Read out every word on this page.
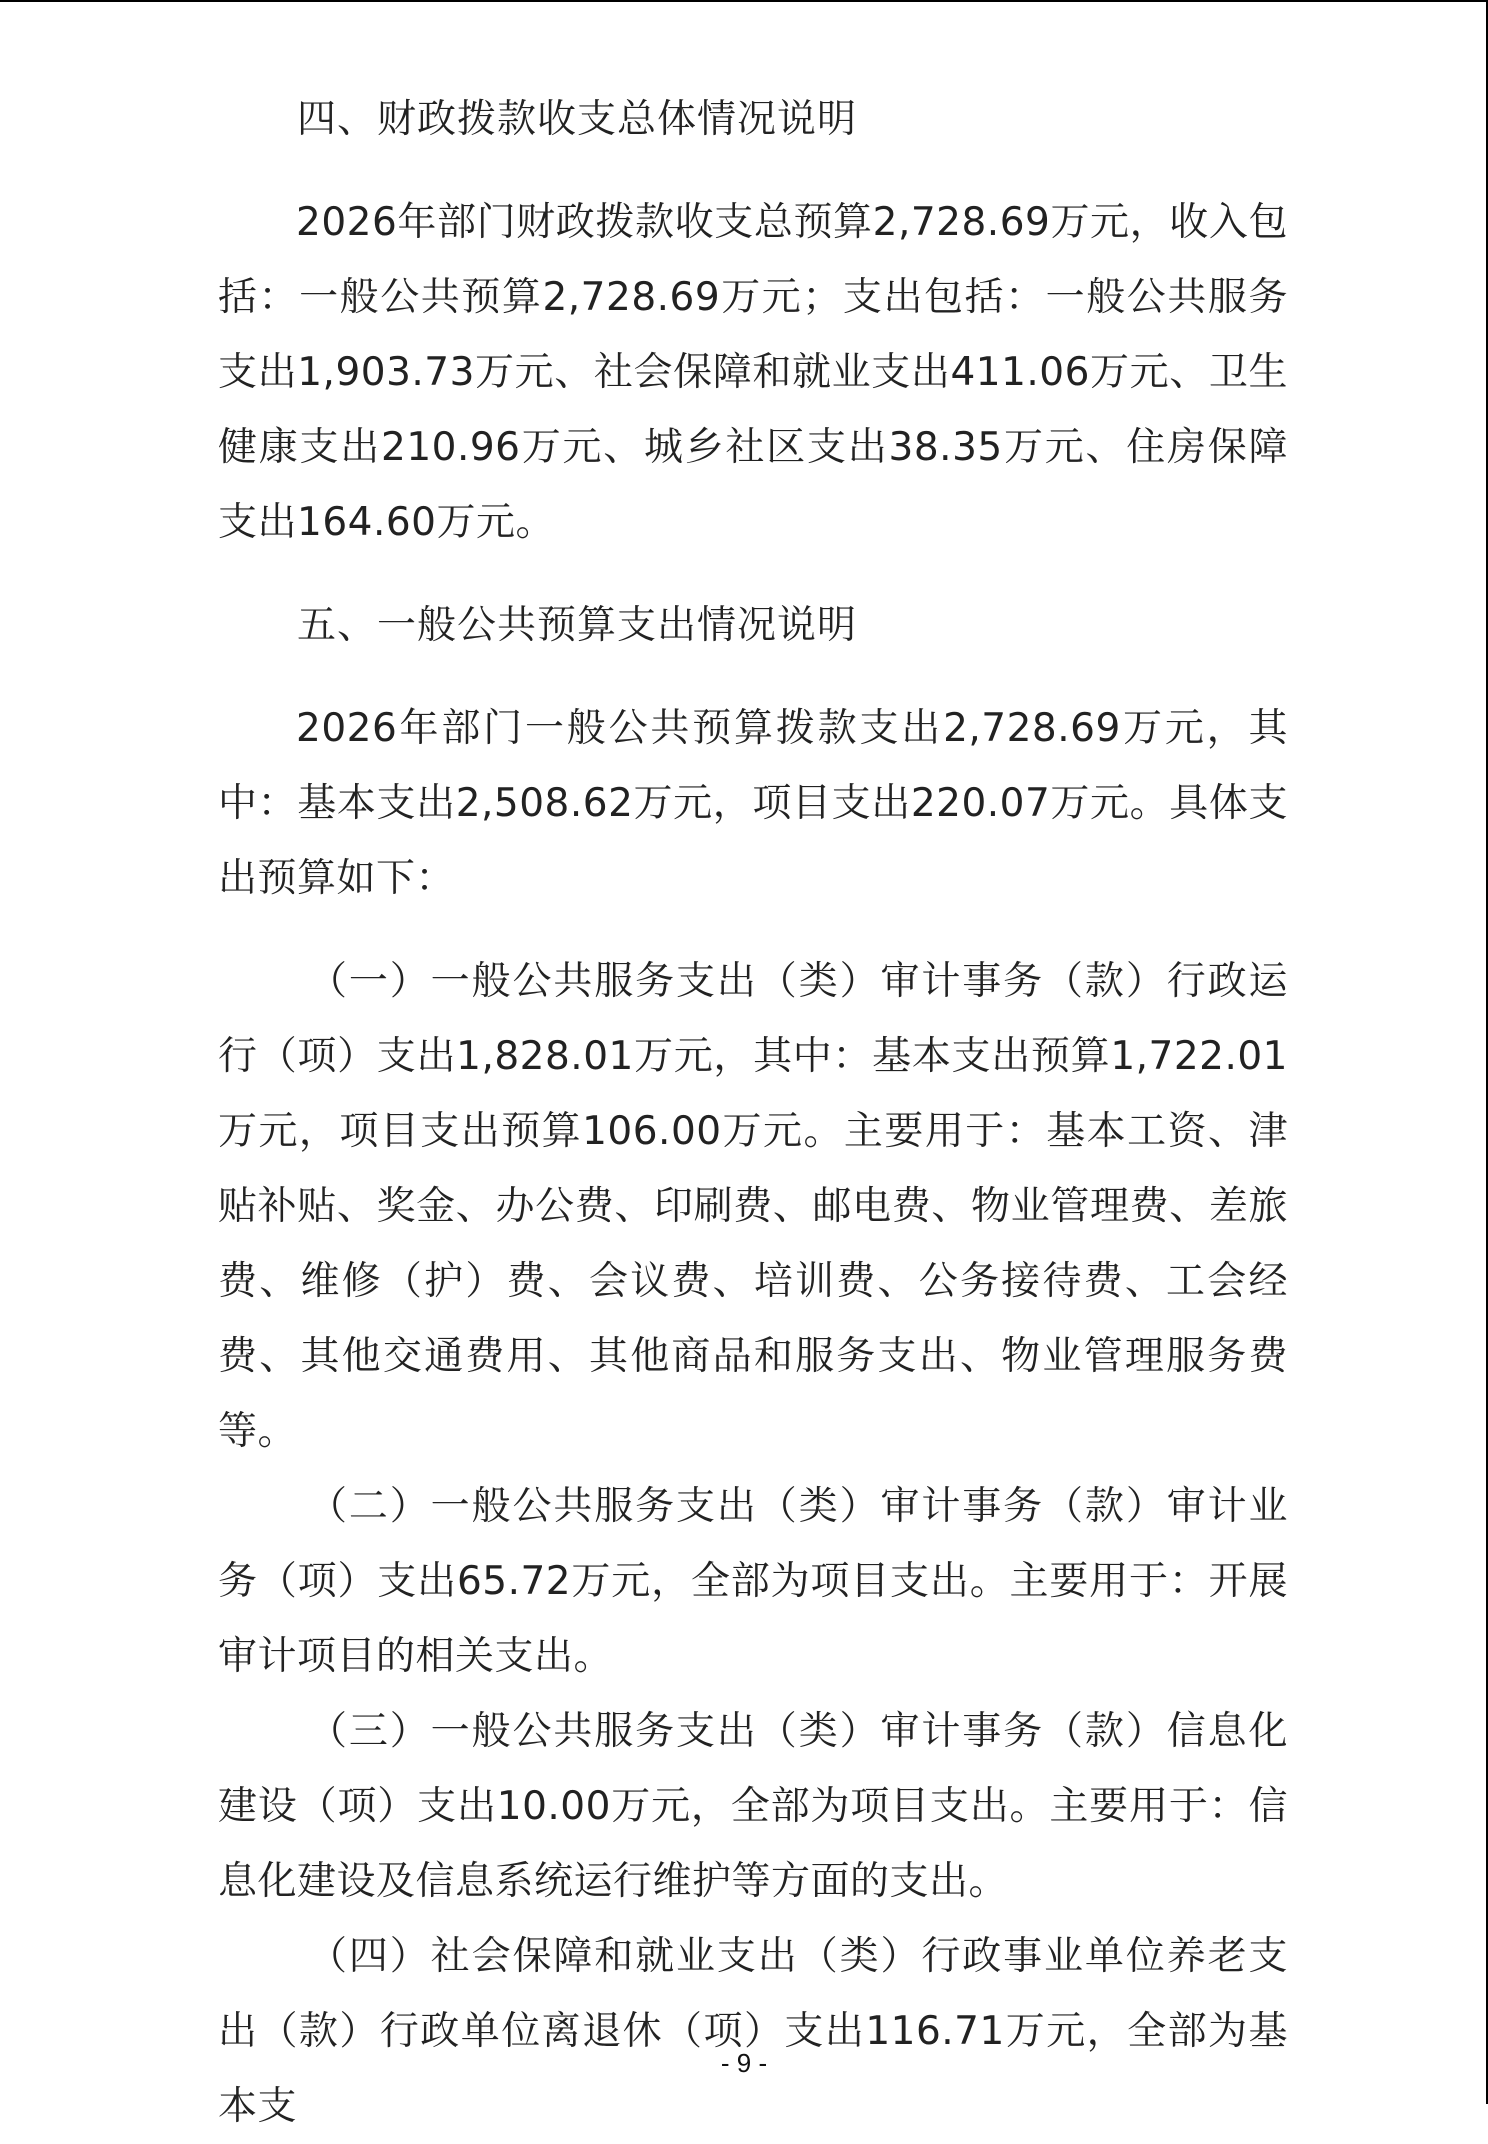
四、财政拨款收支总体情况说明

2026年部门财政拨款收支总预算2,728.69万元，收入包括：一般公共预算2,728.69万元；支出包括：一般公共服务支出1,903.73万元、社会保障和就业支出411.06万元、卫生健康支出210.96万元、城乡社区支出38.35万元、住房保障支出164.60万元。

五、一般公共预算支出情况说明

2026年部门一般公共预算拨款支出2,728.69万元，其中：基本支出2,508.62万元，项目支出220.07万元。具体支出预算如下：

（一）一般公共服务支出（类）审计事务（款）行政运行（项）支出1,828.01万元，其中：基本支出预算1,722.01万元，项目支出预算106.00万元。主要用于：基本工资、津贴补贴、奖金、办公费、印刷费、邮电费、物业管理费、差旅费、维修（护）费、会议费、培训费、公务接待费、工会经费、其他交通费用、其他商品和服务支出、物业管理服务费等。

（二）一般公共服务支出（类）审计事务（款）审计业务（项）支出65.72万元，全部为项目支出。主要用于：开展审计项目的相关支出。

（三）一般公共服务支出（类）审计事务（款）信息化建设（项）支出10.00万元，全部为项目支出。主要用于：信息化建设及信息系统运行维护等方面的支出。

（四）社会保障和就业支出（类）行政事业单位养老支出（款）行政单位离退休（项）支出116.71万元，全部为基本支

- 9 -
